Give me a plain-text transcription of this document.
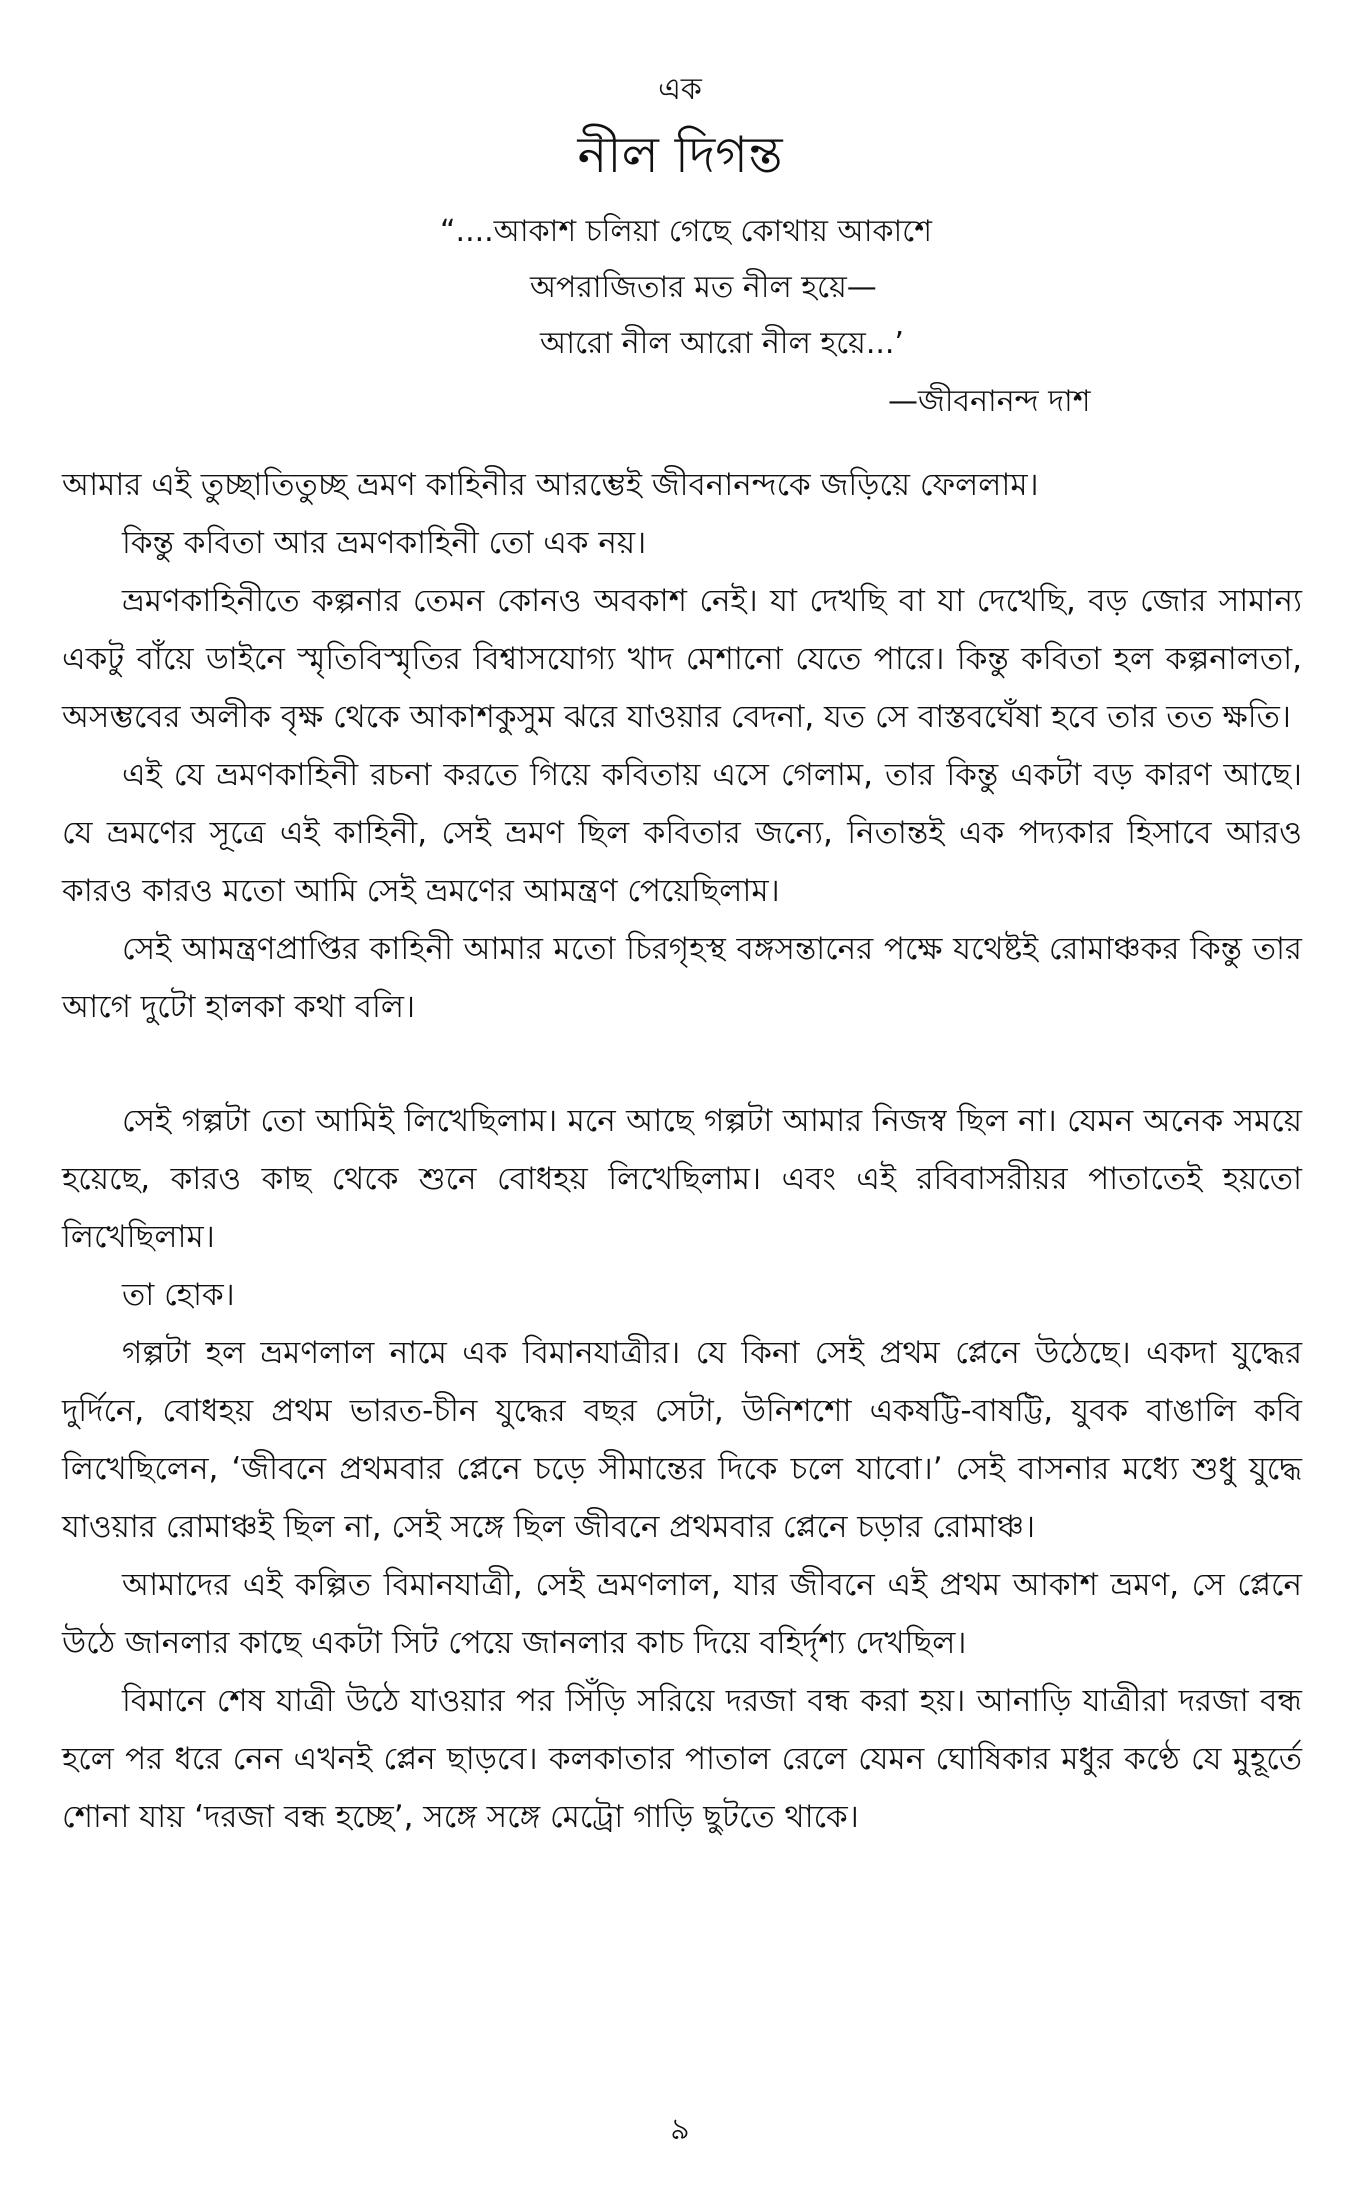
এক
নীল দিগন্ত
“....আকাশ চলিয়া গেছে কোথায় আকাশে
অপরাজিতার মত নীল হয়ে—
আরো নীল আরো নীল হয়ে...’
—জীবনানন্দ দাশ

আমার এই তুচ্ছাতিতুচ্ছ ভ্রমণ কাহিনীর আরম্ভেই জীবনানন্দকে জড়িয়ে ফেললাম।

কিন্তু কবিতা আর ভ্রমণকাহিনী তো এক নয়।

ভ্রমণকাহিনীতে কল্পনার তেমন কোনও অবকাশ নেই। যা দেখছি বা যা দেখেছি, বড় জোর সামান্য একটু বাঁয়ে ডাইনে স্মৃতিবিস্মৃতির বিশ্বাসযোগ্য খাদ মেশানো যেতে পারে। কিন্তু কবিতা হল কল্পনালতা, অসম্ভবের অলীক বৃক্ষ থেকে আকাশকুসুম ঝরে যাওয়ার বেদনা, যত সে বাস্তবঘেঁষা হবে তার তত ক্ষতি।

এই যে ভ্রমণকাহিনী রচনা করতে গিয়ে কবিতায় এসে গেলাম, তার কিন্তু একটা বড় কারণ আছে। যে ভ্রমণের সূত্রে এই কাহিনী, সেই ভ্রমণ ছিল কবিতার জন্যে, নিতান্তই এক পদ্যকার হিসাবে আরও কারও কারও মতো আমি সেই ভ্রমণের আমন্ত্রণ পেয়েছিলাম।

সেই আমন্ত্রণপ্রাপ্তির কাহিনী আমার মতো চিরগৃহস্থ বঙ্গসন্তানের পক্ষে যথেষ্টই রোমাঞ্চকর কিন্তু তার আগে দুটো হালকা কথা বলি।

সেই গল্পটা তো আমিই লিখেছিলাম। মনে আছে গল্পটা আমার নিজস্ব ছিল না। যেমন অনেক সময়ে হয়েছে, কারও কাছ থেকে শুনে বোধহয় লিখেছিলাম। এবং এই রবিবাসরীয়র পাতাতেই হয়তো লিখেছিলাম।

তা হোক।

গল্পটা হল ভ্রমণলাল নামে এক বিমানযাত্রীর। যে কিনা সেই প্রথম প্লেনে উঠেছে। একদা যুদ্ধের দুর্দিনে, বোধহয় প্রথম ভারত-চীন যুদ্ধের বছর সেটা, উনিশশো একষট্টি-বাষট্টি, যুবক বাঙালি কবি লিখেছিলেন, ‘জীবনে প্রথমবার প্লেনে চড়ে সীমান্তের দিকে চলে যাবো।’ সেই বাসনার মধ্যে শুধু যুদ্ধে যাওয়ার রোমাঞ্চই ছিল না, সেই সঙ্গে ছিল জীবনে প্রথমবার প্লেনে চড়ার রোমাঞ্চ।

আমাদের এই কল্পিত বিমানযাত্রী, সেই ভ্রমণলাল, যার জীবনে এই প্রথম আকাশ ভ্রমণ, সে প্লেনে উঠে জানলার কাছে একটা সিট পেয়ে জানলার কাচ দিয়ে বহির্দৃশ্য দেখছিল।

বিমানে শেষ যাত্রী উঠে যাওয়ার পর সিঁড়ি সরিয়ে দরজা বন্ধ করা হয়। আনাড়ি যাত্রীরা দরজা বন্ধ হলে পর ধরে নেন এখনই প্লেন ছাড়বে। কলকাতার পাতাল রেলে যেমন ঘোষিকার মধুর কণ্ঠে যে মুহূর্তে শোনা যায় ‘দরজা বন্ধ হচ্ছে’, সঙ্গে সঙ্গে মেট্রো গাড়ি ছুটতে থাকে।

৯
